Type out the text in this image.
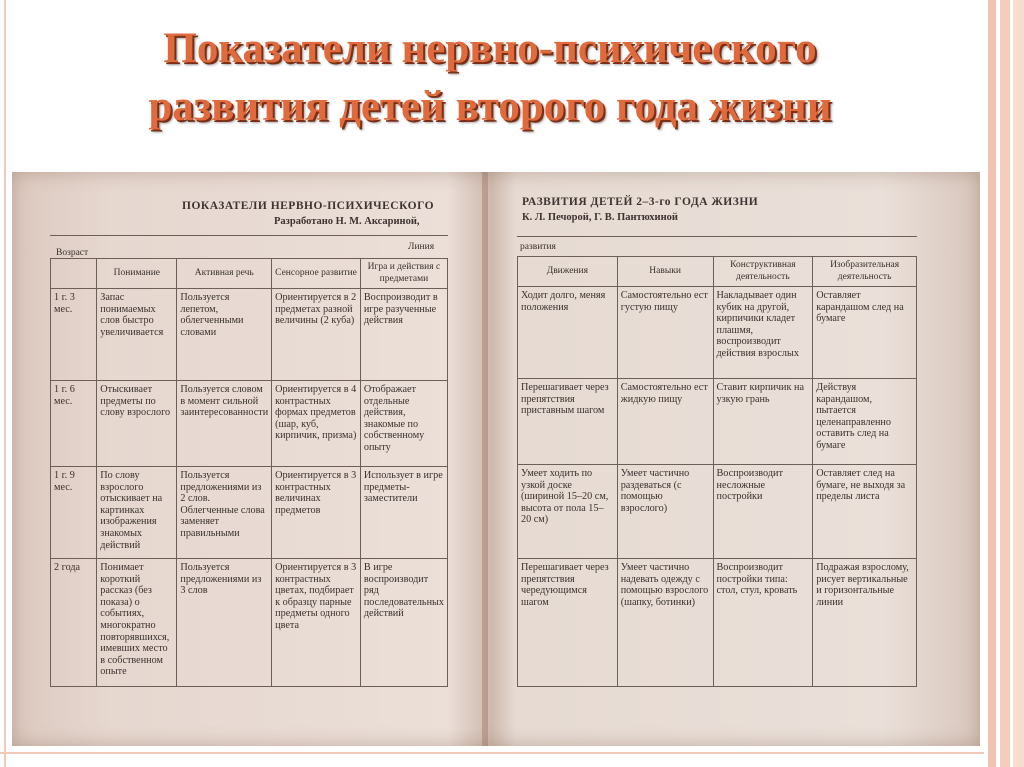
Показатели нервно-психического
развития детей второго года жизни
ПОКАЗАТЕЛИ НЕРВНО-ПСИХИЧЕСКОГО
Разработано Н. М. Аксариной,
Возраст
Линия
	Понимание	Активная речь	Сенсорное развитие	Игра и действия с предметами
1 г. 3 мес.	Запас понимаемых слов быстро увеличивается	Пользуется лепетом, облегченными словами	Ориентируется в 2 предметах разной величины (2 куба)	Воспроизводит в игре разученные действия
1 г. 6 мес.	Отыскивает предметы по слову взрослого	Пользуется словом в момент сильной заинтересованности	Ориентируется в 4 контрастных формах предметов (шар, куб, кирпичик, призма)	Отображает отдельные действия, знакомые по собственному опыту
1 г. 9 мес.	По слову взрослого отыскивает на картинках изображения знакомых действий	Пользуется предложениями из 2 слов. Облегченные слова заменяет правильными	Ориентируется в 3 контрастных величинах предметов	Использует в игре предметы-заместители
2 года	Понимает короткий рассказ (без показа) о событиях, многократно повторявшихся, имевших место в собственном опыте	Пользуется предложениями из 3 слов	Ориентируется в 3 контрастных цветах, подбирает к образцу парные предметы одного цвета	В игре воспроизводит ряд последовательных действий
РАЗВИТИЯ ДЕТЕЙ 2–3-го ГОДА ЖИЗНИ
К. Л. Печорой, Г. В. Пантюхиной
развития
Движения	Навыки	Конструктивная деятельность	Изобразительная деятельность
Ходит долго, меняя положения	Самостоятельно ест густую пищу	Накладывает один кубик на другой, кирпичики кладет плашмя, воспроизводит действия взрослых	Оставляет карандашом след на бумаге
Перешагивает через препятствия приставным шагом	Самостоятельно ест жидкую пищу	Ставит кирпичик на узкую грань	Действуя карандашом, пытается целенаправленно оставить след на бумаге
Умеет ходить по узкой доске (шириной 15–20 см, высота от пола 15–20 см)	Умеет частично раздеваться (с помощью взрослого)	Воспроизводит несложные постройки	Оставляет след на бумаге, не выходя за пределы листа
Перешагивает через препятствия чередующимся шагом	Умеет частично надевать одежду с помощью взрослого (шапку, ботинки)	Воспроизводит постройки типа: стол, стул, кровать	Подражая взрослому, рисует вертикальные и горизонтальные линии
